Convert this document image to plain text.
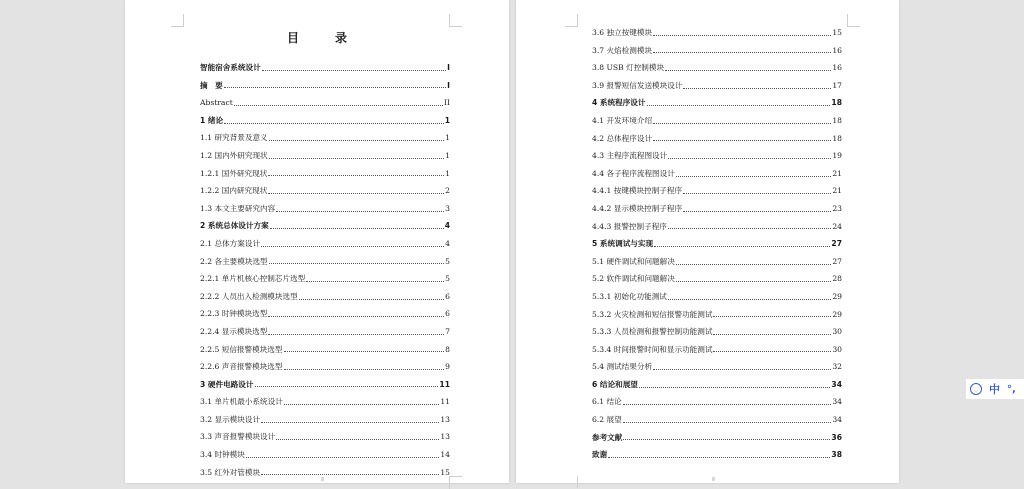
目　录
智能宿舍系统设计	I
摘　要	I
Abstract	II
1 绪论	1
1.1 研究背景及意义	1
1.2 国内外研究现状	1
1.2.1 国外研究现状	1
1.2.2 国内研究现状	2
1.3 本文主要研究内容	3
2 系统总体设计方案	4
2.1 总体方案设计	4
2.2 各主要模块选型	5
2.2.1 单片机核心控制芯片选型	5
2.2.2 人员出入检测模块选型	6
2.2.3 时钟模块选型	6
2.2.4 显示模块选型	7
2.2.5 短信报警模块选型	8
2.2.6 声音报警模块选型	9
3 硬件电路设计	11
3.1 单片机最小系统设计	11
3.2 显示模块设计	13
3.3 声音报警模块设计	13
3.4 时钟模块	14
3.5 红外对管模块	15
3.6 独立按键模块	15
3.7 火焰检测模块	16
3.8 USB 灯控制模块	16
3.9 报警短信发送模块设计	17
4 系统程序设计	18
4.1 开发环境介绍	18
4.2 总体程序设计	18
4.3 主程序流程图设计	19
4.4 各子程序流程图设计	21
4.4.1 按键模块控制子程序	21
4.4.2 显示模块控制子程序	23
4.4.3 报警控制子程序	24
5 系统调试与实现	27
5.1 硬件调试和问题解决	27
5.2 软件调试和问题解决	28
5.3.1 初始化功能测试	29
5.3.2 火灾检测和短信报警功能测试	29
5.3.3 人员检测和报警控制功能测试	30
5.3.4 时间报警时间和显示功能测试	30
5.4 测试结果分析	32
6 结论和展望	34
6.1 结论	34
6.2 展望	34
参考文献	36
致谢	38
◡	中 °,
